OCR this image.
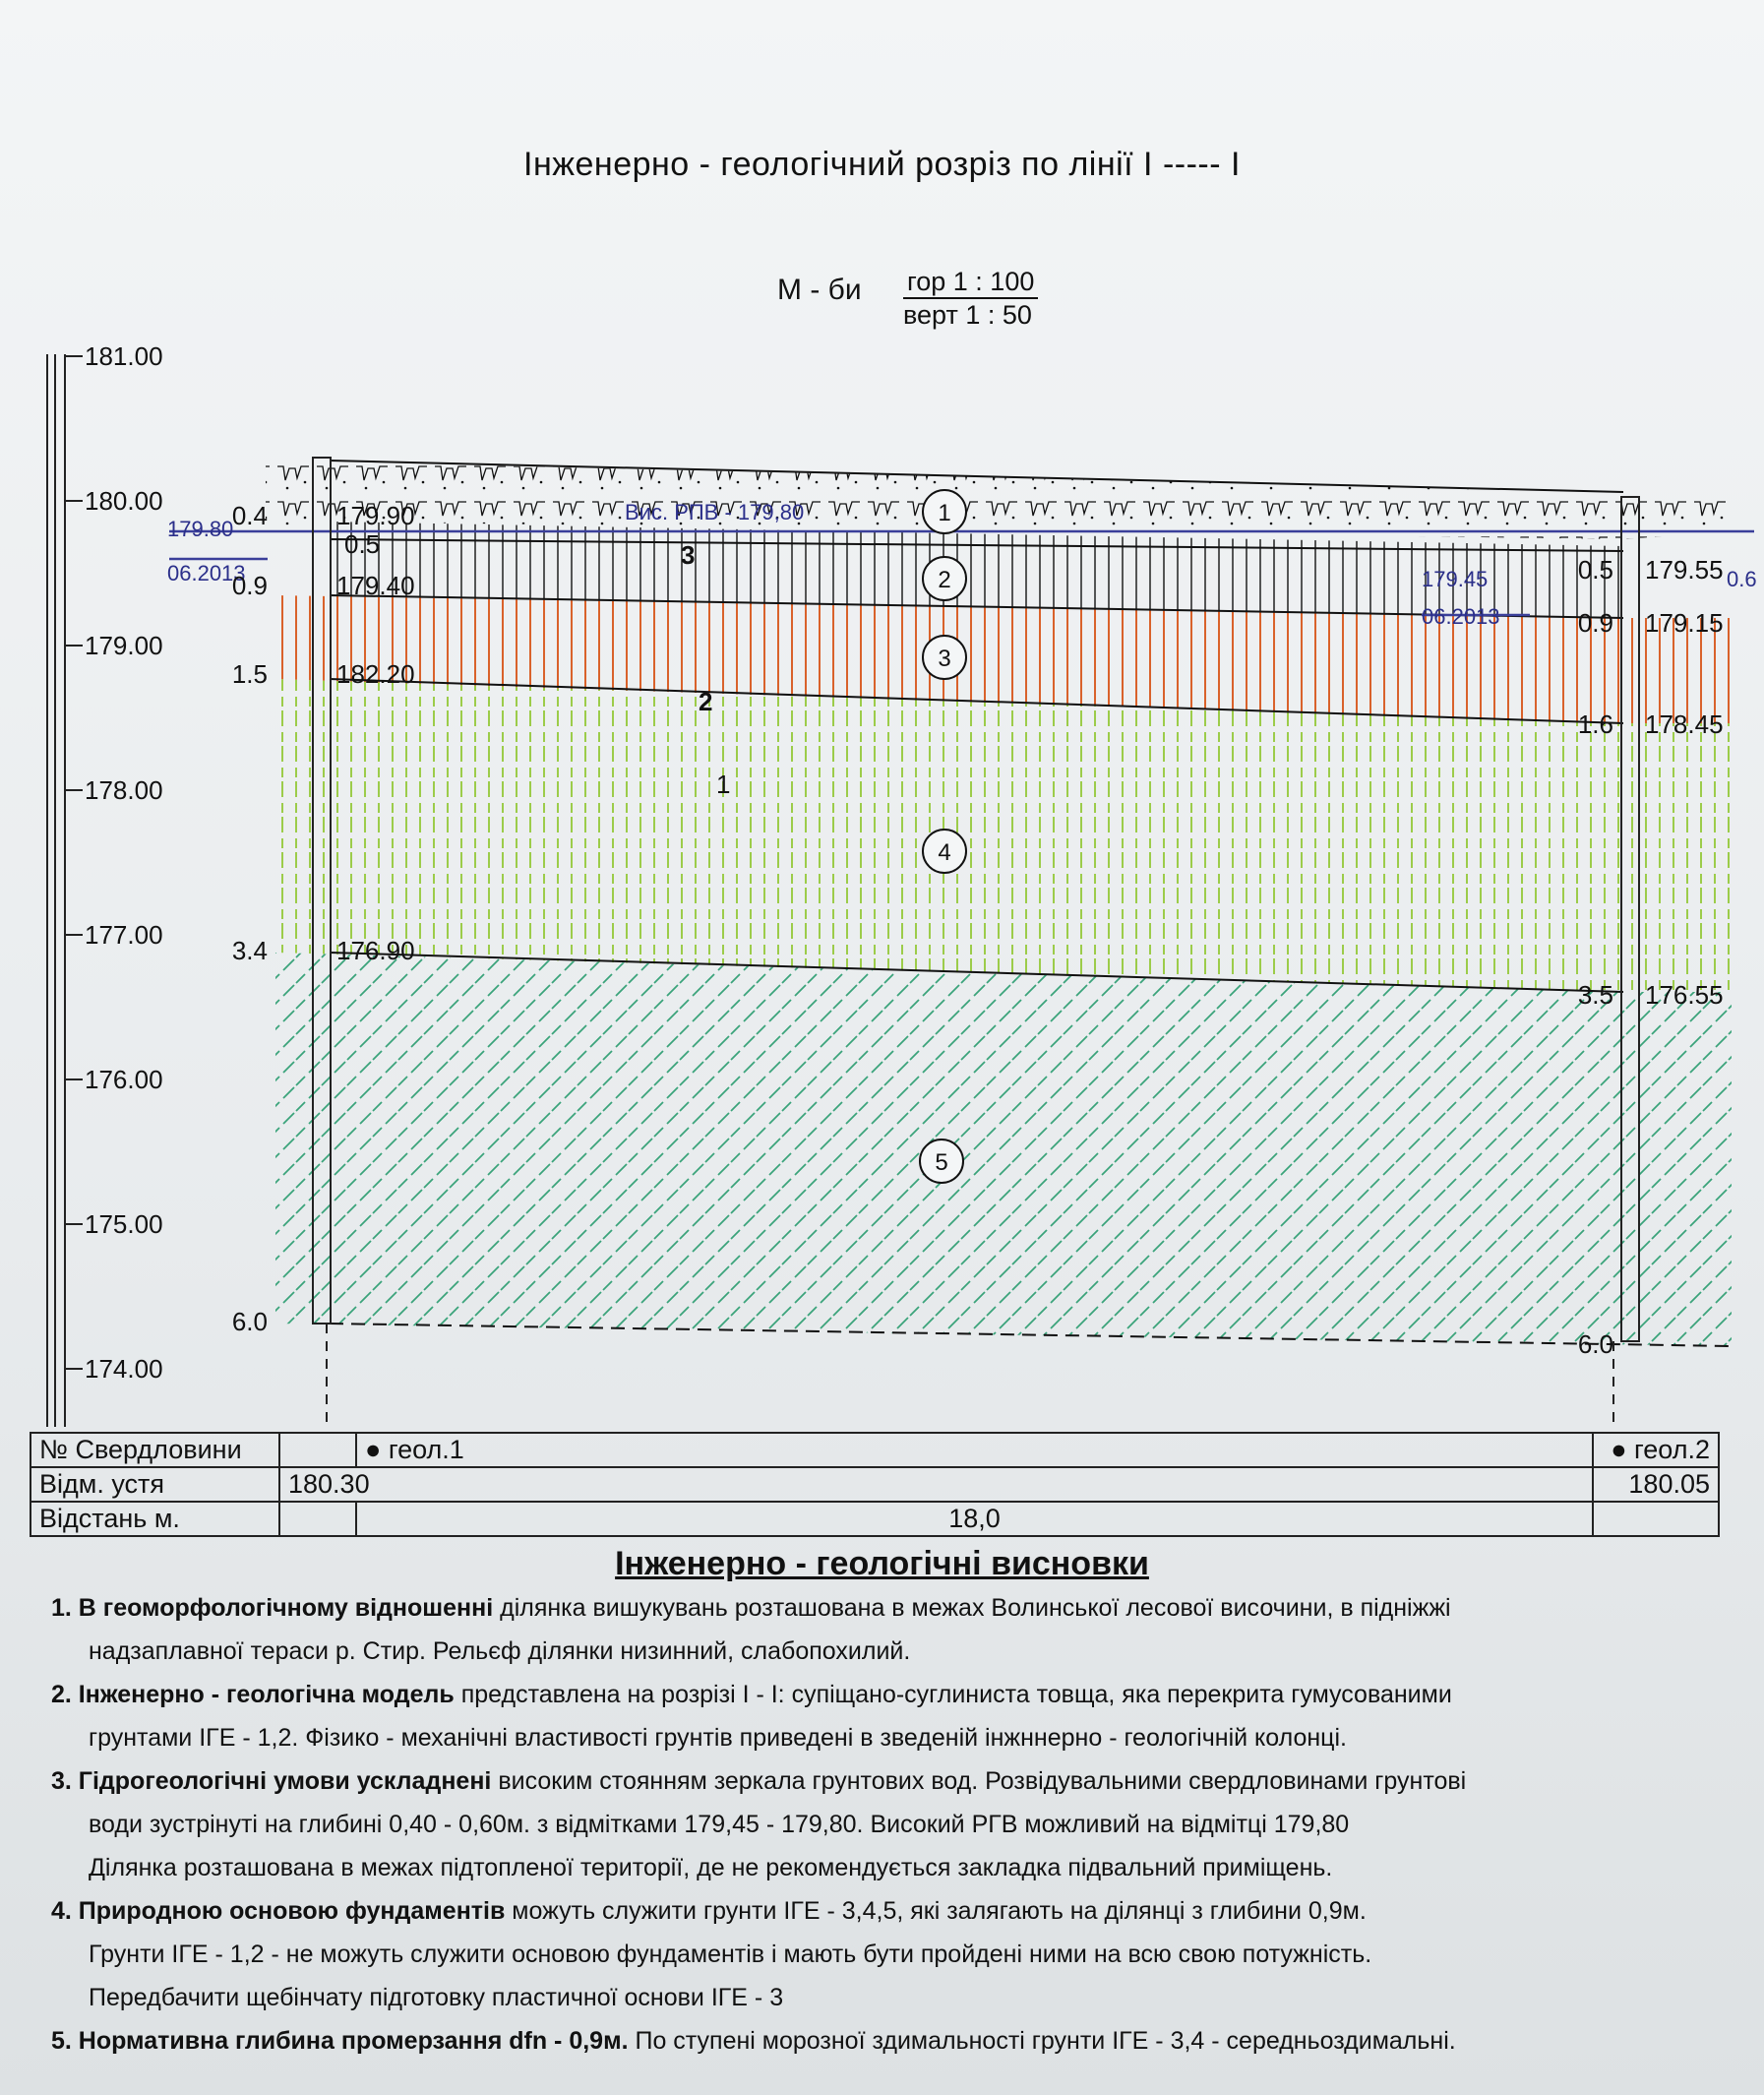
Інженерно - геологічний розріз по лінії І ----- І
М - би гор 1 : 100
верт 1 : 50
181.00
180.00
179.00
178.00
177.00
176.00
175.00
174.00
1
2
3
4
5
179.80
06.2013
0.5
Вис. РПВ - 179,80
179.45
06.2013
0.6
0.4
0.9
1.5
3.4
6.0
179.90
179.40
182.20
176.90
0.5
0.9
1.6
3.5
6.0
179.55
179.15
178.45
176.55
3
2
1
№ Свердловини		● геол.1	● геол.2
Відм. устя	180.30		180.05
Відстань м.		18,0	
Інженерно - геологічні висновки

1. В геоморфологічному відношенні ділянка вишукувань розташована в межах Волинської лесової височини, в підніжжі

надзаплавної тераси р. Стир. Рельєф ділянки низинний, слабопохилий.

2. Інженерно - геологічна модель представлена на розрізі І - І: супіщано-суглиниста товща, яка перекрита гумусованими

грунтами ІГЕ - 1,2. Фізико - механічні властивості грунтів приведені в зведеній інжннерно - геологічній колонці.

3. Гідрогеологічні умови ускладнені високим стоянням зеркала грунтових вод. Розвідувальними свердловинами грунтові

води зустрінуті на глибині 0,40 - 0,60м. з відмітками 179,45 - 179,80. Високий РГВ можливий на відмітці 179,80

Ділянка розташована в межах підтопленої території, де не рекомендується закладка підвальний приміщень.

4. Природною основою фундаментів можуть служити грунти ІГЕ - 3,4,5, які залягають на ділянці з глибини 0,9м.

Грунти ІГЕ - 1,2 - не можуть служити основою фундаментів і мають бути пройдені ними на всю свою потужність.

Передбачити щебінчату підготовку пластичної основи ІГЕ - 3

5. Нормативна глибина промерзання dfn - 0,9м. По ступені морозної здимальності грунти ІГЕ - 3,4 - середньоздимальні.
